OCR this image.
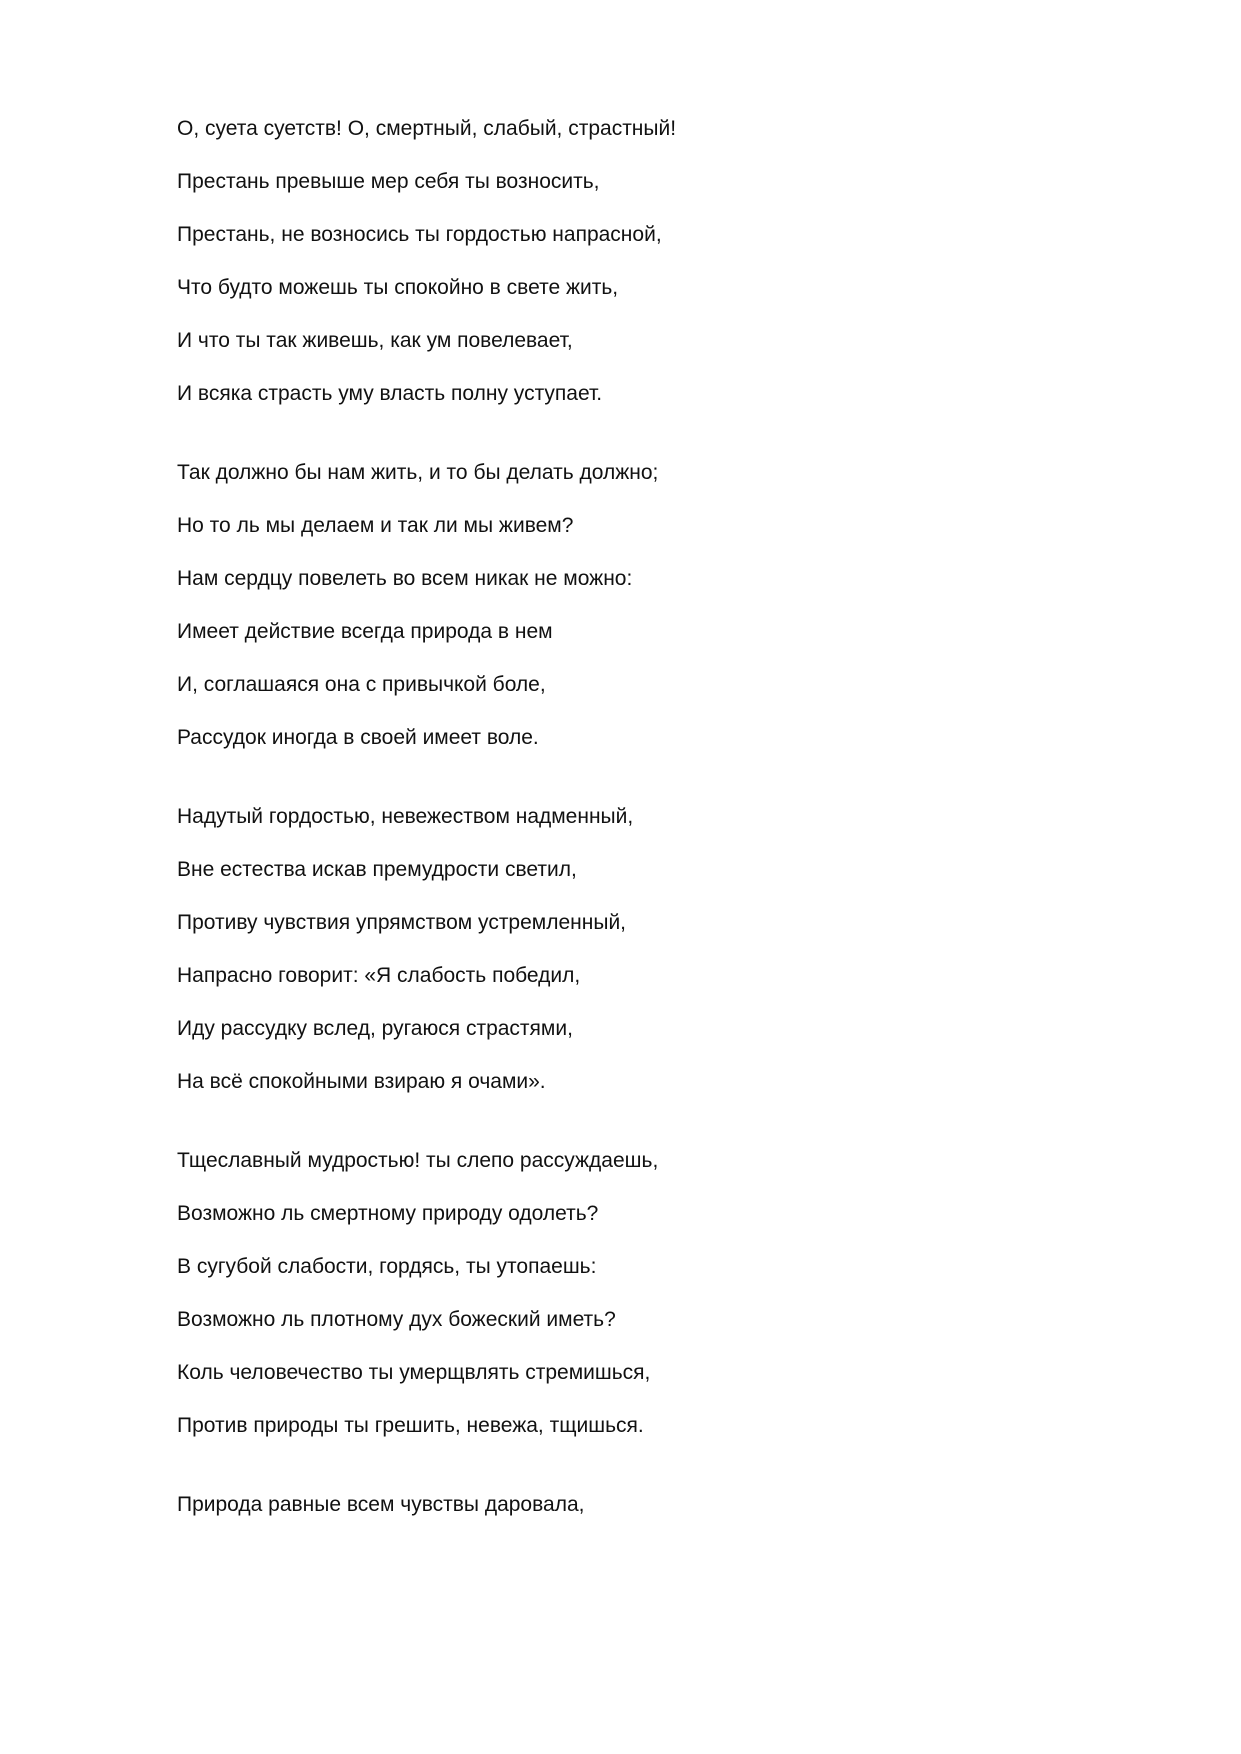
О, суета суетств! О, смертный, слабый, страстный!
Престань превыше мер себя ты возносить,
Престань, не возносись ты гордостью напрасной,
Что будто можешь ты спокойно в свете жить,
И что ты так живешь, как ум повелевает,
И всяка страсть уму власть полну уступает.
Так должно бы нам жить, и то бы делать должно;
Но то ль мы делаем и так ли мы живем?
Нам сердцу повелеть во всем никак не можно:
Имеет действие всегда природа в нем
И, соглашаяся она с привычкой боле,
Рассудок иногда в своей имеет воле.
Надутый гордостью, невежеством надменный,
Вне естества искав премудрости светил,
Противу чувствия упрямством устремленный,
Напрасно говорит: «Я слабость победил,
Иду рассудку вслед, ругаюся страстями,
На всё спокойными взираю я очами».
Тщеславный мудростью! ты слепо рассуждаешь,
Возможно ль смертному природу одолеть?
В сугубой слабости, гордясь, ты утопаешь:
Возможно ль плотному дух божеский иметь?
Коль человечество ты умерщвлять стремишься,
Против природы ты грешить, невежа, тщишься.
Природа равные всем чувствы даровала,
